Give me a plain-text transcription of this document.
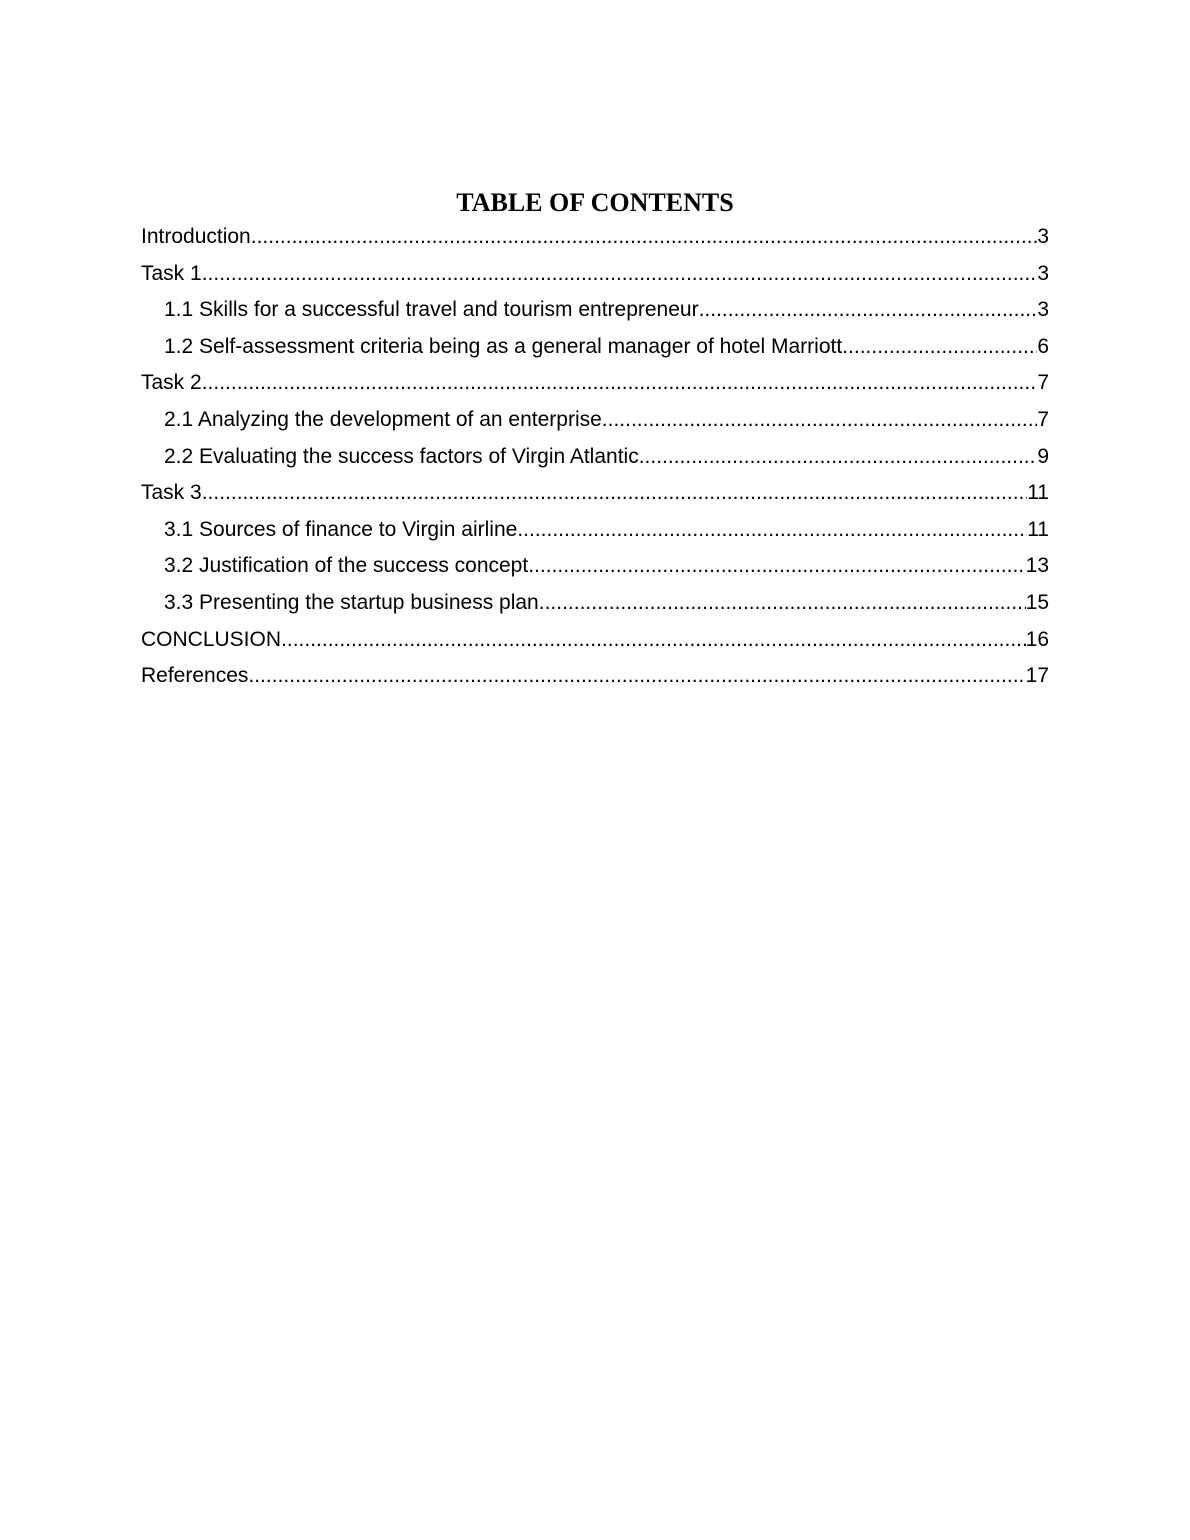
TABLE OF CONTENTS
Introduction .....	3
Task 1 .....	3
1.1 Skills for a successful travel and tourism entrepreneur .....	3
1.2 Self-assessment criteria being as a general manager of hotel Marriott .....	6
Task 2 .....	7
2.1 Analyzing the development of an enterprise .....	7
2.2 Evaluating the success factors of Virgin Atlantic .....	9
Task 3 .....	11
3.1 Sources of finance to Virgin airline .....	11
3.2 Justification of the success concept .....	13
3.3 Presenting the startup business plan .....	15
CONCLUSION .....	16
References .....	17
